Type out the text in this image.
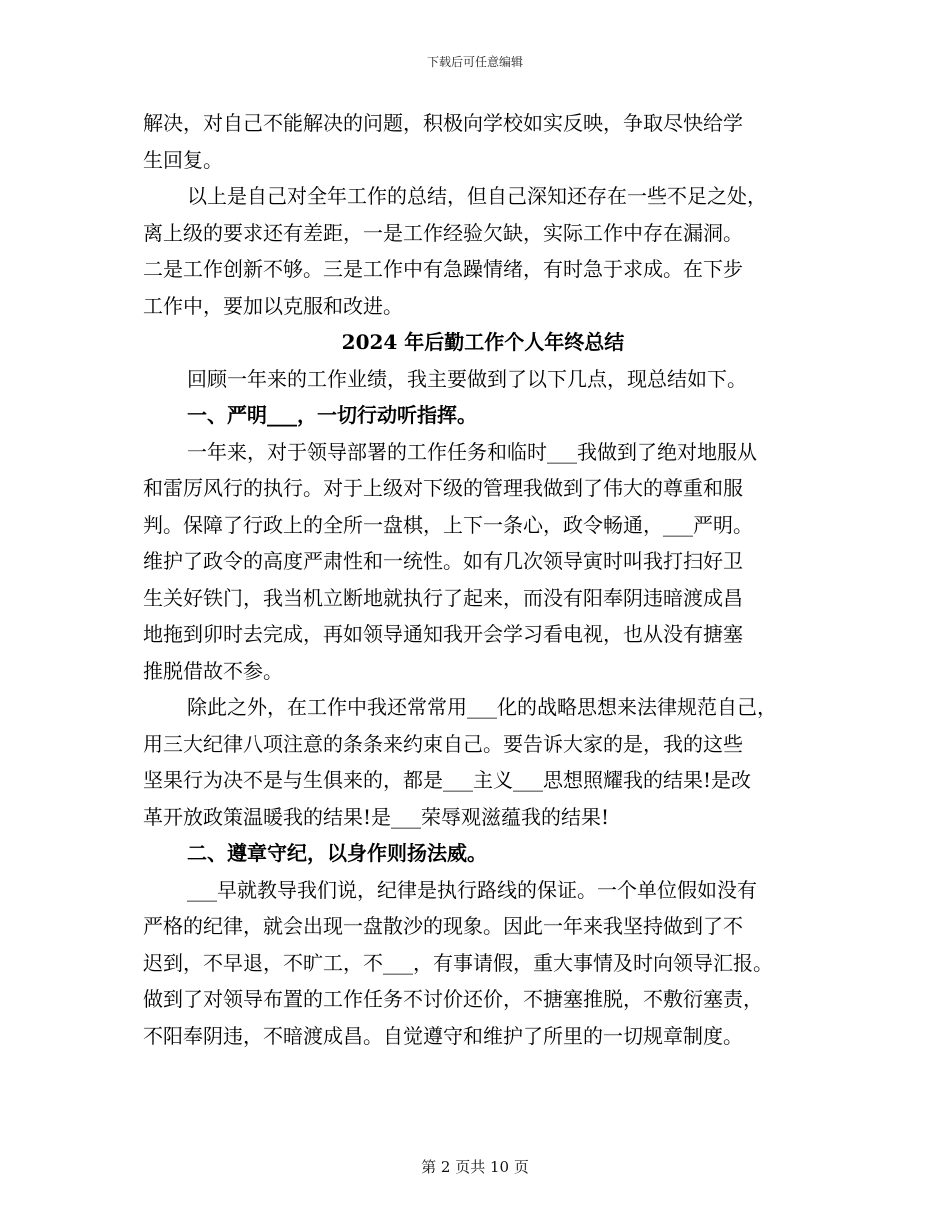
下载后可任意编辑
解决，对自己不能解决的问题，积极向学校如实反映，争取尽快给学
生回复。
以上是自己对全年工作的总结，但自己深知还存在一些不足之处，
离上级的要求还有差距，一是工作经验欠缺，实际工作中存在漏洞。
二是工作创新不够。三是工作中有急躁情绪，有时急于求成。在下步
工作中，要加以克服和改进。
2024 年后勤工作个人年终总结
回顾一年来的工作业绩，我主要做到了以下几点，现总结如下。
一、严明___，一切行动听指挥。
一年来，对于领导部署的工作任务和临时___我做到了绝对地服从
和雷厉风行的执行。对于上级对下级的管理我做到了伟大的尊重和服
判。保障了行政上的全所一盘棋，上下一条心，政令畅通，___严明。
维护了政令的高度严肃性和一统性。如有几次领导寅时叫我打扫好卫
生关好铁门，我当机立断地就执行了起来，而没有阳奉阴违暗渡成昌
地拖到卯时去完成，再如领导通知我开会学习看电视，也从没有搪塞
推脱借故不参。
除此之外，在工作中我还常常用___化的战略思想来法律规范自己，
用三大纪律八项注意的条条来约束自己。要告诉大家的是，我的这些
坚果行为决不是与生俱来的，都是___主义___思想照耀我的结果!是改
革开放政策温暖我的结果!是___荣辱观滋蕴我的结果!
二、遵章守纪，以身作则扬法威。
___早就教导我们说，纪律是执行路线的保证。一个单位假如没有
严格的纪律，就会出现一盘散沙的现象。因此一年来我坚持做到了不
迟到，不早退，不旷工，不___，有事请假，重大事情及时向领导汇报。
做到了对领导布置的工作任务不讨价还价，不搪塞推脱，不敷衍塞责，
不阳奉阴违，不暗渡成昌。自觉遵守和维护了所里的一切规章制度。
第 2 页共 10 页
